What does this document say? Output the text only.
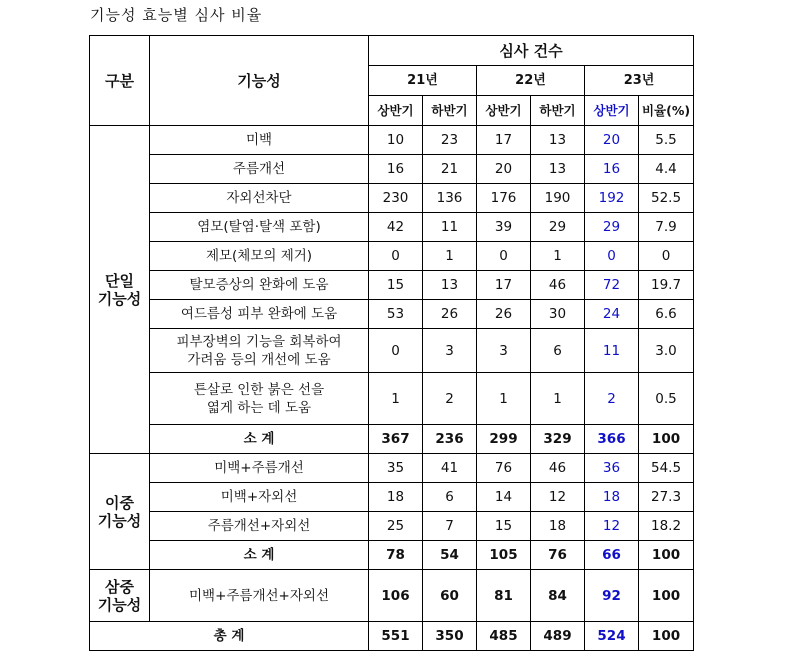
기능성 효능별 심사 비율
구분	기능성	심사 건수					
		21년		22년		23년	
		상반기	하반기	상반기	하반기	상반기	비율(%)

단일
기능성	미백	10	23	17	13	20	5.5
	주름개선	16	21	20	13	16	4.4
	자외선차단	230	136	176	190	192	52.5
	염모(탈염·탈색 포함)	42	11	39	29	29	7.9
	제모(체모의 제거)	0	1	0	1	0	0
	탈모증상의 완화에 도움	15	13	17	46	72	19.7
	여드름성 피부 완화에 도움	53	26	26	30	24	6.6

	피부장벽의 기능을 회복하여
가려움 등의 개선에 도움	0	3	3	6	11	3.0

	튼살로 인한 붉은 선을
엷게 하는 데 도움	1	2	1	1	2	0.5
	소 계	367	236	299	329	366	100

이중
기능성	미백+주름개선	35	41	76	46	36	54.5
	미백+자외선	18	6	14	12	18	27.3
	주름개선+자외선	25	7	15	18	12	18.2
	소 계	78	54	105	76	66	100

삼중
기능성	미백+주름개선+자외선	106	60	81	84	92	100
총 계		551	350	485	489	524	100
